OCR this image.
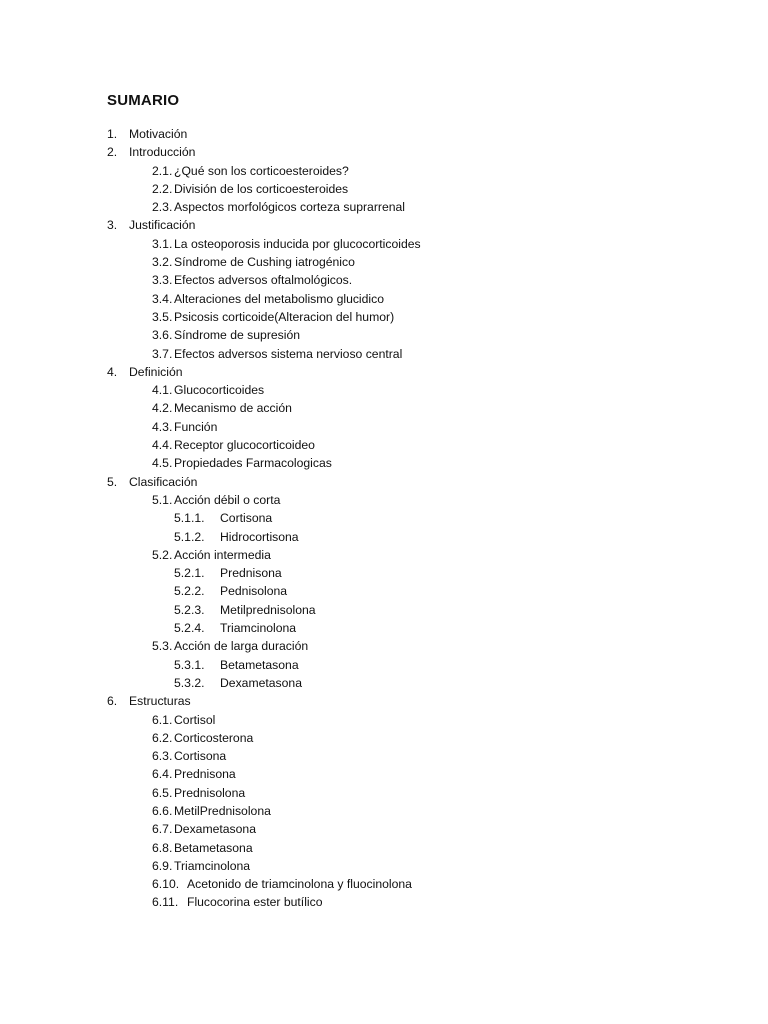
SUMARIO
1. Motivación
2. Introducción
2.1. ¿Qué son los corticoesteroides?
2.2. División de los corticoesteroides
2.3. Aspectos morfológicos corteza suprarrenal
3. Justificación
3.1. La osteoporosis inducida por glucocorticoides
3.2. Síndrome de Cushing iatrogénico
3.3. Efectos adversos oftalmológicos.
3.4. Alteraciones del metabolismo glucidico
3.5. Psicosis corticoide(Alteracion del humor)
3.6. Síndrome de supresión
3.7. Efectos adversos sistema nervioso central
4. Definición
4.1. Glucocorticoides
4.2. Mecanismo de acción
4.3. Función
4.4. Receptor glucocorticoideo
4.5. Propiedades Farmacologicas
5. Clasificación
5.1. Acción débil o corta
5.1.1. Cortisona
5.1.2. Hidrocortisona
5.2. Acción intermedia
5.2.1. Prednisona
5.2.2. Pednisolona
5.2.3. Metilprednisolona
5.2.4. Triamcinolona
5.3. Acción de larga duración
5.3.1. Betametasona
5.3.2. Dexametasona
6. Estructuras
6.1. Cortisol
6.2. Corticosterona
6.3. Cortisona
6.4. Prednisona
6.5. Prednisolona
6.6. MetilPrednisolona
6.7. Dexametasona
6.8. Betametasona
6.9. Triamcinolona
6.10. Acetonido de triamcinolona y fluocinolona
6.11. Flucocorina ester butílico
